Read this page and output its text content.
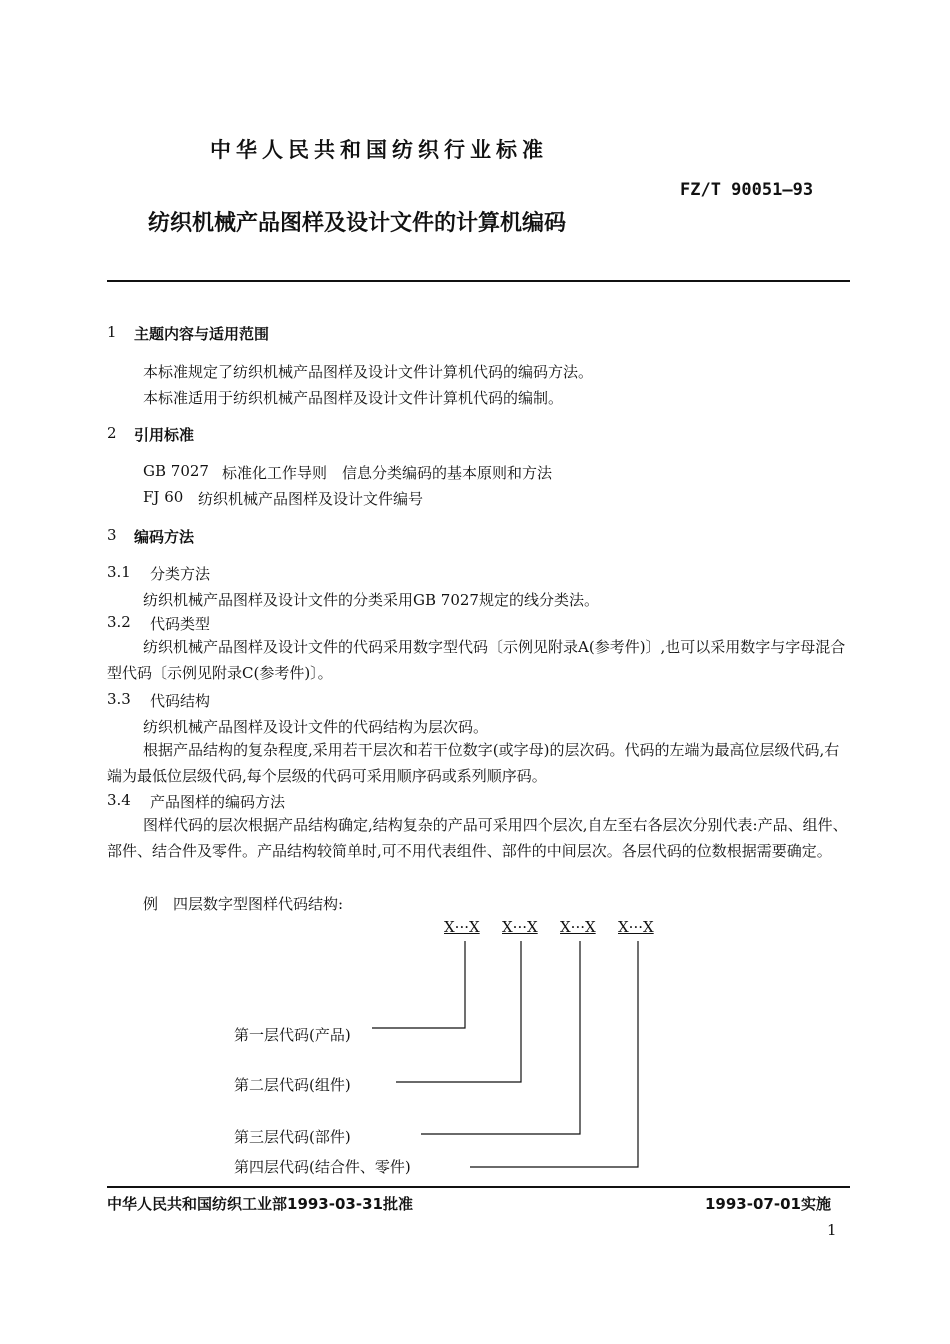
中华人民共和国纺织行业标准
FZ/T 90051—93
纺织机械产品图样及设计文件的计算机编码
1 主题内容与适用范围
本标准规定了纺织机械产品图样及设计文件计算机代码的编码方法。
本标准适用于纺织机械产品图样及设计文件计算机代码的编制。
2 引用标准
GB 7027 标准化工作导则　信息分类编码的基本原则和方法
FJ 60 纺织机械产品图样及设计文件编号
3 编码方法
3.1 分类方法
纺织机械产品图样及设计文件的分类采用GB 7027规定的线分类法。
3.2 代码类型
纺织机械产品图样及设计文件的代码采用数字型代码〔示例见附录A(参考件)〕,也可以采用数字与字母混合型代码〔示例见附录C(参考件)〕。
3.3 代码结构
纺织机械产品图样及设计文件的代码结构为层次码。
根据产品结构的复杂程度,采用若干层次和若干位数字(或字母)的层次码。代码的左端为最高位层级代码,右端为最低位层级代码,每个层级的代码可采用顺序码或系列顺序码。
3.4 产品图样的编码方法
图样代码的层次根据产品结构确定,结构复杂的产品可采用四个层次,自左至右各层次分别代表:产品、组件、部件、结合件及零件。产品结构较简单时,可不用代表组件、部件的中间层次。各层代码的位数根据需要确定。
例　四层数字型图样代码结构:
X···X X···X X···X X···X
第一层代码(产品)
第二层代码(组件)
第三层代码(部件)
第四层代码(结合件、零件)
中华人民共和国纺织工业部1993-03-31批准	1993-07-01实施
1
